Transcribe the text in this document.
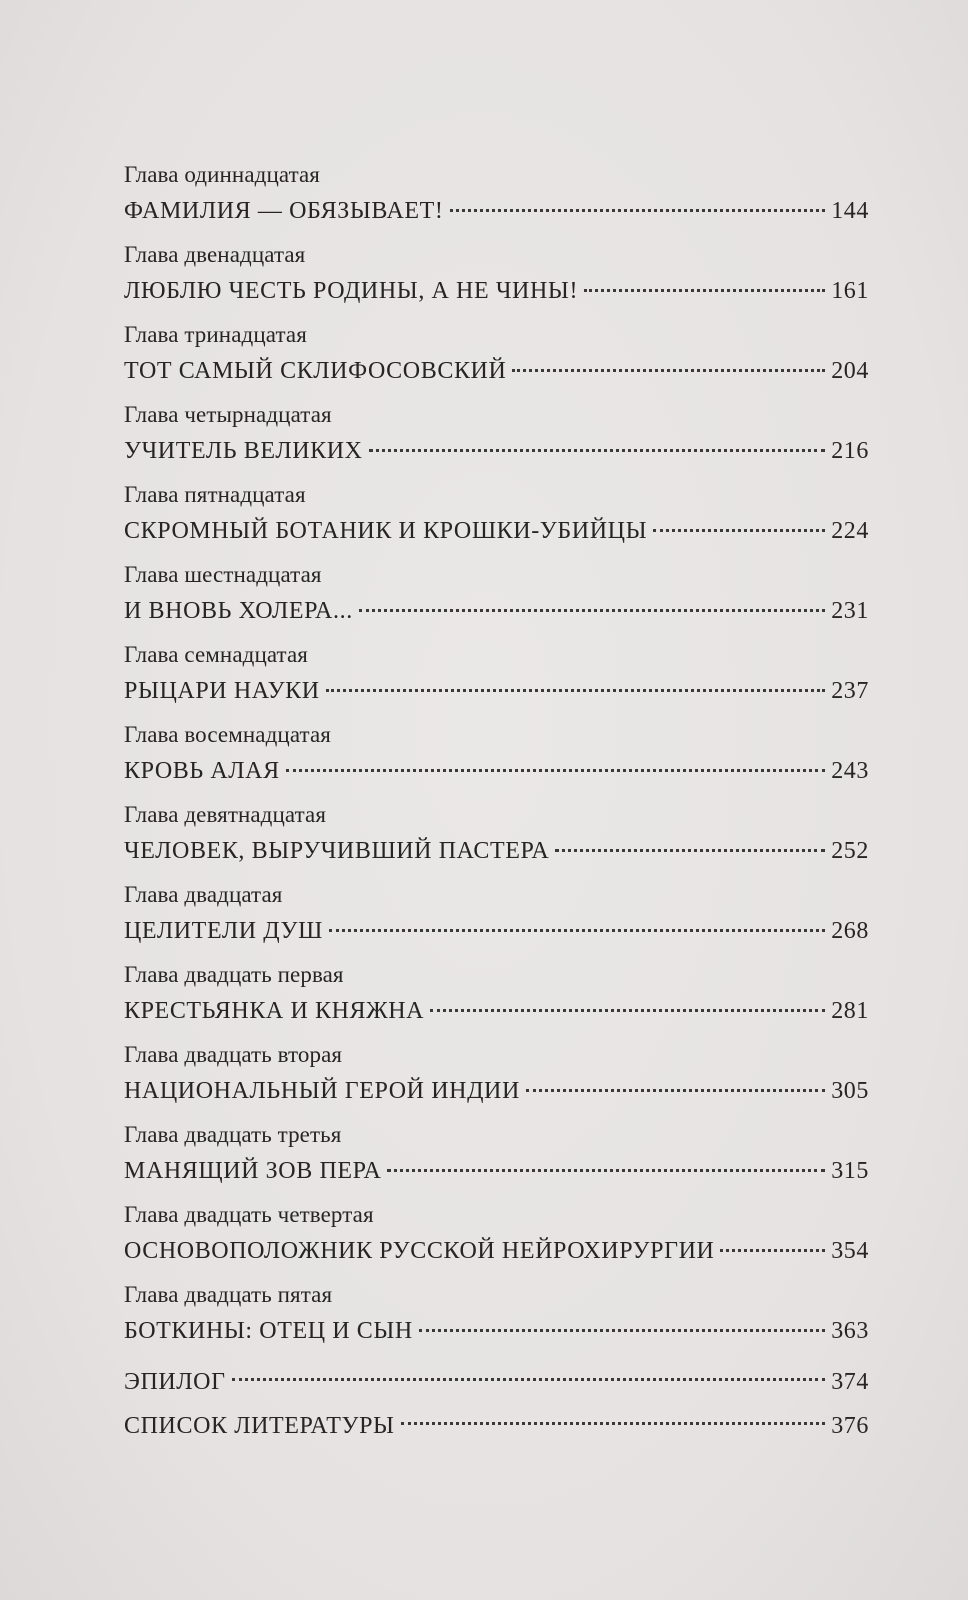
Глава одиннадцатая
ФАМИЛИЯ — ОБЯЗЫВАЕТ!	144
Глава двенадцатая
ЛЮБЛЮ ЧЕСТЬ РОДИНЫ, А НЕ ЧИНЫ!	161
Глава тринадцатая
ТОТ САМЫЙ СКЛИФОСОВСКИЙ	204
Глава четырнадцатая
УЧИТЕЛЬ ВЕЛИКИХ	216
Глава пятнадцатая
СКРОМНЫЙ БОТАНИК И КРОШКИ-УБИЙЦЫ	224
Глава шестнадцатая
И ВНОВЬ ХОЛЕРА...	231
Глава семнадцатая
РЫЦАРИ НАУКИ	237
Глава восемнадцатая
КРОВЬ АЛАЯ	243
Глава девятнадцатая
ЧЕЛОВЕК, ВЫРУЧИВШИЙ ПАСТЕРА	252
Глава двадцатая
ЦЕЛИТЕЛИ ДУШ	268
Глава двадцать первая
КРЕСТЬЯНКА И КНЯЖНА	281
Глава двадцать вторая
НАЦИОНАЛЬНЫЙ ГЕРОЙ ИНДИИ	305
Глава двадцать третья
МАНЯЩИЙ ЗОВ ПЕРА	315
Глава двадцать четвертая
ОСНОВОПОЛОЖНИК РУССКОЙ НЕЙРОХИРУРГИИ	354
Глава двадцать пятая
БОТКИНЫ: ОТЕЦ И СЫН	363
ЭПИЛОГ	374
СПИСОК ЛИТЕРАТУРЫ	376
